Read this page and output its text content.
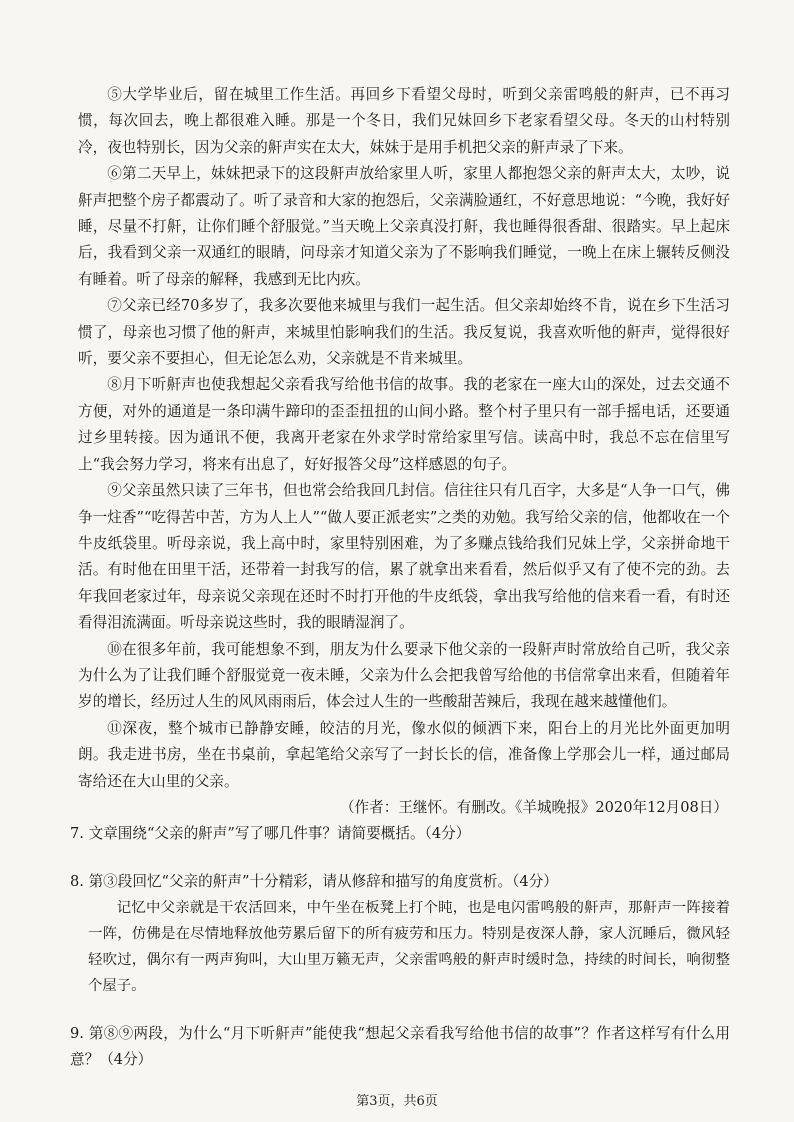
⑤大学毕业后，留在城里工作生活。再回乡下看望父母时，听到父亲雷鸣般的鼾声，已不再习惯，每次回去，晚上都很难入睡。那是一个冬日，我们兄妹回乡下老家看望父母。冬天的山村特别冷，夜也特别长，因为父亲的鼾声实在太大，妹妹于是用手机把父亲的鼾声录了下来。

⑥第二天早上，妹妹把录下的这段鼾声放给家里人听，家里人都抱怨父亲的鼾声太大，太吵，说鼾声把整个房子都震动了。听了录音和大家的抱怨后，父亲满脸通红，不好意思地说：“今晚，我好好睡，尽量不打鼾，让你们睡个舒服觉。”当天晚上父亲真没打鼾，我也睡得很香甜、很踏实。早上起床后，我看到父亲一双通红的眼睛，问母亲才知道父亲为了不影响我们睡觉，一晚上在床上辗转反侧没有睡着。听了母亲的解释，我感到无比内疚。

⑦父亲已经70多岁了，我多次要他来城里与我们一起生活。但父亲却始终不肯，说在乡下生活习惯了，母亲也习惯了他的鼾声，来城里怕影响我们的生活。我反复说，我喜欢听他的鼾声，觉得很好听，要父亲不要担心，但无论怎么劝，父亲就是不肯来城里。

⑧月下听鼾声也使我想起父亲看我写给他书信的故事。我的老家在一座大山的深处，过去交通不方便，对外的通道是一条印满牛蹄印的歪歪扭扭的山间小路。整个村子里只有一部手摇电话，还要通过乡里转接。因为通讯不便，我离开老家在外求学时常给家里写信。读高中时，我总不忘在信里写上“我会努力学习，将来有出息了，好好报答父母”这样感恩的句子。

⑨父亲虽然只读了三年书，但也常会给我回几封信。信往往只有几百字，大多是“人争一口气，佛争一炷香”“吃得苦中苦，方为人上人”“做人要正派老实”之类的劝勉。我写给父亲的信，他都收在一个牛皮纸袋里。听母亲说，我上高中时，家里特别困难，为了多赚点钱给我们兄妹上学，父亲拼命地干活。有时他在田里干活，还带着一封我写的信，累了就拿出来看看，然后似乎又有了使不完的劲。去年我回老家过年，母亲说父亲现在还时不时打开他的牛皮纸袋，拿出我写给他的信来看一看，有时还看得泪流满面。听母亲说这些时，我的眼睛湿润了。

⑩在很多年前，我可能想象不到，朋友为什么要录下他父亲的一段鼾声时常放给自己听，我父亲为什么为了让我们睡个舒服觉竟一夜未睡，父亲为什么会把我曾写给他的书信常拿出来看，但随着年岁的增长，经历过人生的风风雨雨后，体会过人生的一些酸甜苦辣后，我现在越来越懂他们。

⑪深夜，整个城市已静静安睡，皎洁的月光，像水似的倾洒下来，阳台上的月光比外面更加明朗。我走进书房，坐在书桌前，拿起笔给父亲写了一封长长的信，准备像上学那会儿一样，通过邮局寄给还在大山里的父亲。

（作者：王继怀。有删改。《羊城晚报》2020年12月08日）

7. 文章围绕“父亲的鼾声”写了哪几件事？请简要概括。（4分）

8. 第③段回忆“父亲的鼾声”十分精彩，请从修辞和描写的角度赏析。（4分）

记忆中父亲就是干农活回来，中午坐在板凳上打个盹，也是电闪雷鸣般的鼾声，那鼾声一阵接着一阵，仿佛是在尽情地释放他劳累后留下的所有疲劳和压力。特别是夜深人静，家人沉睡后，微风轻轻吹过，偶尔有一两声狗叫，大山里万籁无声，父亲雷鸣般的鼾声时缓时急，持续的时间长，响彻整个屋子。

9. 第⑧⑨两段，为什么“月下听鼾声”能使我“想起父亲看我写给他书信的故事”？作者这样写有什么用意？（4分）

第3页，共6页
